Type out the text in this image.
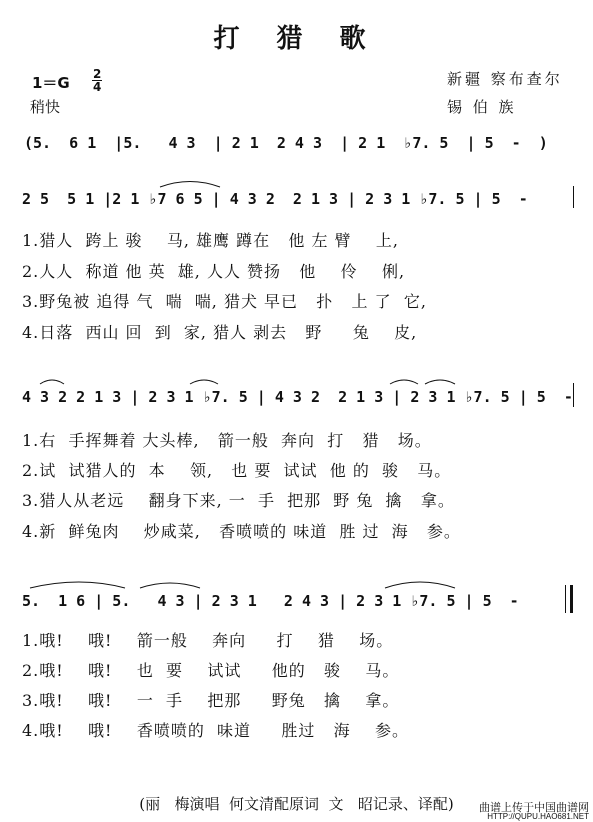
打 猎 歌
$1=G \frac{2}{4}$
稍快
新疆 察布查尔
锡 伯 族
(5.  6 1  |5.   4 3  | 2 1  2 4 3  | 2 1  ♭7. 5  | 5  -  )
2 5  5 1 |2 1 ♭7 6 5 | 4 3 2  2 1 3 | 2 3 1 ♭7. 5 | 5  -
1.猎人  跨上 骏    马, 雄鹰 蹲在   他 左 臂    上,
2.人人  称道 他 英  雄, 人人 赞扬   他    伶    俐,
3.野兔被 追得 气  喘  喘, 猎犬 早已   扑   上 了  它,
4.日落  西山 回  到  家, 猎人 剥去   野     兔    皮,
4 3 2 2 1 3 | 2 3 1 ♭7. 5 | 4 3 2  2 1 3 | 2 3 1 ♭7. 5 | 5  -
1.右  手挥舞着 大头棒,   箭一般  奔向  打   猎   场。
2.试  试猎人的  本    领,   也 要  试试  他 的  骏   马。
3.猎人从老远    翻身下来, 一  手  把那  野 兔  擒   拿。
4.新  鲜兔肉    炒咸菜,   香喷喷的 味道  胜 过  海   参。
5.  1 6 | 5.   4 3 | 2 3 1   2 4 3 | 2 3 1 ♭7. 5 | 5  -
1.哦!    哦!    箭一般    奔向     打    猎    场。
2.哦!    哦!    也  要    试试     他的   骏    马。
3.哦!    哦!    一  手    把那     野兔   擒    拿。
4.哦!    哦!    香喷喷的  味道     胜过   海    参。
(丽   梅演唱  何文清配原词  文   昭记录、译配)	曲谱上传于中国曲谱网
HTTP://QUPU.HAO681.NET
